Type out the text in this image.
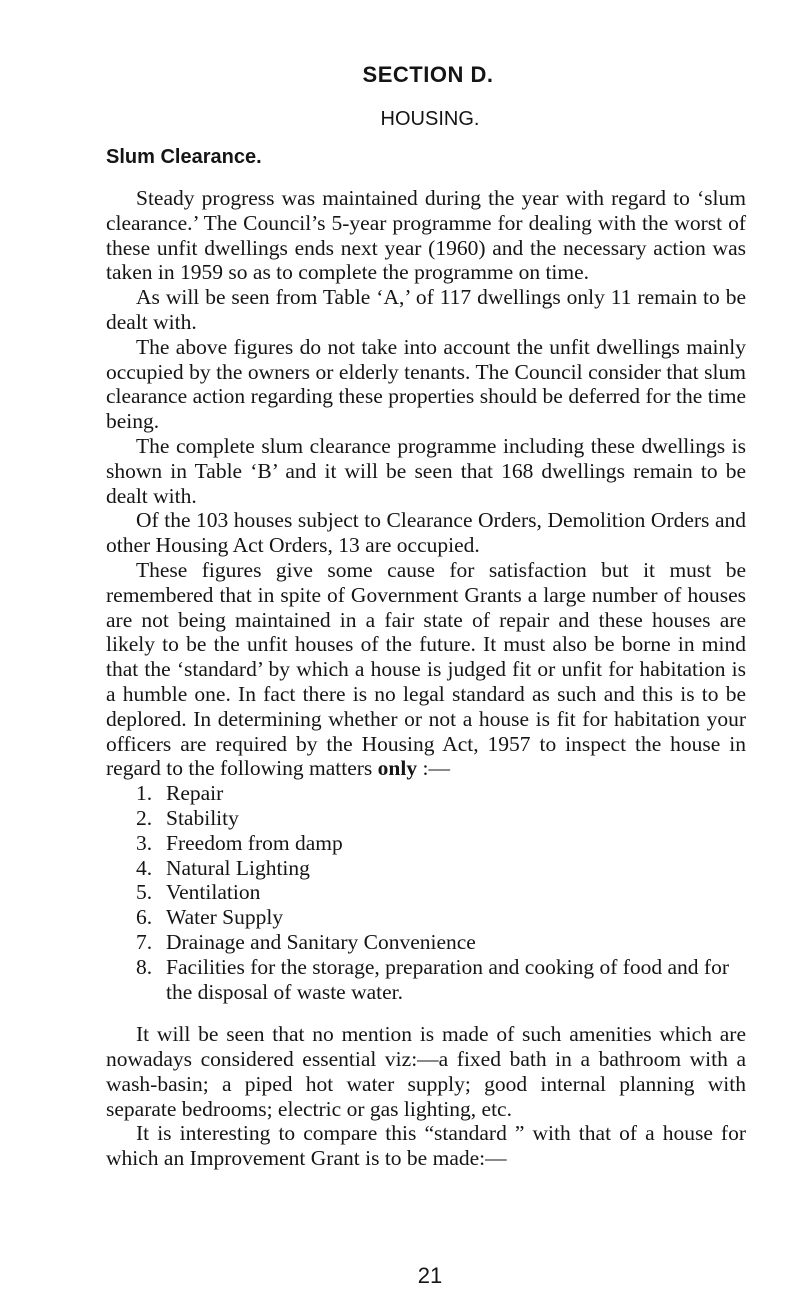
SECTION D.
HOUSING.
Slum Clearance.

Steady progress was maintained during the year with regard to ‘slum clearance.’ The Council’s 5-year programme for dealing with the worst of these unfit dwellings ends next year (1960) and the necessary action was taken in 1959 so as to complete the programme on time.

As will be seen from Table ‘A,’ of 117 dwellings only 11 remain to be dealt with.

The above figures do not take into account the unfit dwellings mainly occupied by the owners or elderly tenants. The Council consider that slum clearance action regarding these properties should be deferred for the time being.

The complete slum clearance programme including these dwellings is shown in Table ‘B’ and it will be seen that 168 dwellings remain to be dealt with.

Of the 103 houses subject to Clearance Orders, Demolition Orders and other Housing Act Orders, 13 are occupied.

These figures give some cause for satisfaction but it must be remembered that in spite of Government Grants a large number of houses are not being maintained in a fair state of repair and these houses are likely to be the unfit houses of the future. It must also be borne in mind that the ‘standard’ by which a house is judged fit or unfit for habitation is a humble one. In fact there is no legal standard as such and this is to be deplored. In determining whether or not a house is fit for habitation your officers are required by the Housing Act, 1957 to inspect the house in regard to the following matters only :—

1. Repair
2. Stability
3. Freedom from damp
4. Natural Lighting
5. Ventilation
6. Water Supply
7. Drainage and Sanitary Convenience
8. Facilities for the storage, preparation and cooking of food and for the disposal of waste water.

It will be seen that no mention is made of such amenities which are nowadays considered essential viz:—a fixed bath in a bathroom with a wash-basin; a piped hot water supply; good internal planning with separate bedrooms; electric or gas lighting, etc.

It is interesting to compare this “standard ” with that of a house for which an Improvement Grant is to be made:—

21
